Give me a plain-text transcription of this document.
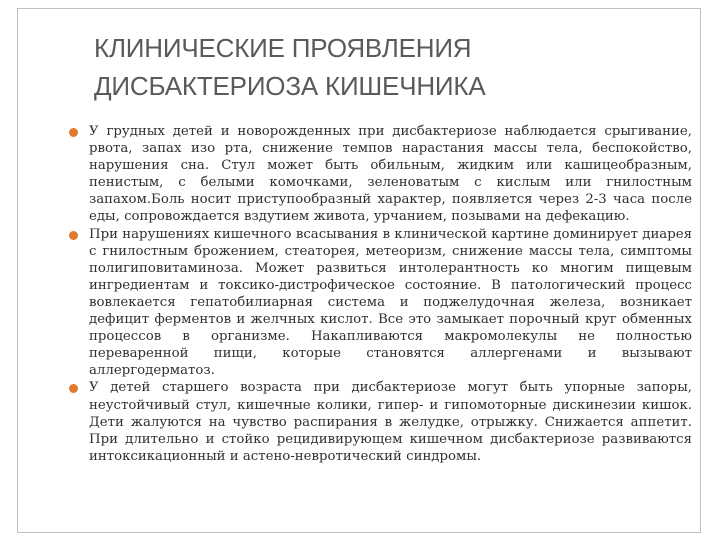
КЛИНИЧЕСКИЕ ПРОЯВЛЕНИЯ
ДИСБАКТЕРИОЗА КИШЕЧНИКА
У грудных детей и новорожденных при дисбактериозе наблюдается срыгивание, рвота, запах изо рта, снижение темпов нарастания массы тела, беспокойство, нарушения сна. Стул может быть обильным, жидким или кашицеобразным, пенистым, с белыми комочками, зеленоватым с кислым или гнилостным запахом.Боль носит приступообразный характер, появляется через 2-3 часа после еды, сопровождается вздутием живота, урчанием, позывами на дефекацию.
При нарушениях кишечного всасывания в клинической картине доминирует диарея с гнилостным брожением, стеаторея, метеоризм, снижение массы тела, симптомы полигиповитаминоза. Может развиться интолерантность ко многим пищевым ингредиентам и токсико-дистрофическое состояние. В патологический процесс вовлекается гепатобилиарная система и поджелудочная железа, возникает дефицит ферментов и желчных кислот. Все это замыкает порочный круг обменных процессов в организме. Накапливаются макромолекулы не полностью переваренной пищи, которые становятся аллергенами и вызывают аллергодерматоз.
У детей старшего возраста при дисбактериозе могут быть упорные запоры, неустойчивый стул, кишечные колики, гипер- и гипомоторные дискинезии кишок. Дети жалуются на чувство распирания в желудке, отрыжку. Снижается аппетит. При длительно и стойко рецидивирующем кишечном дисбактериозе развиваются интоксикационный и астено-невротический синдромы.
